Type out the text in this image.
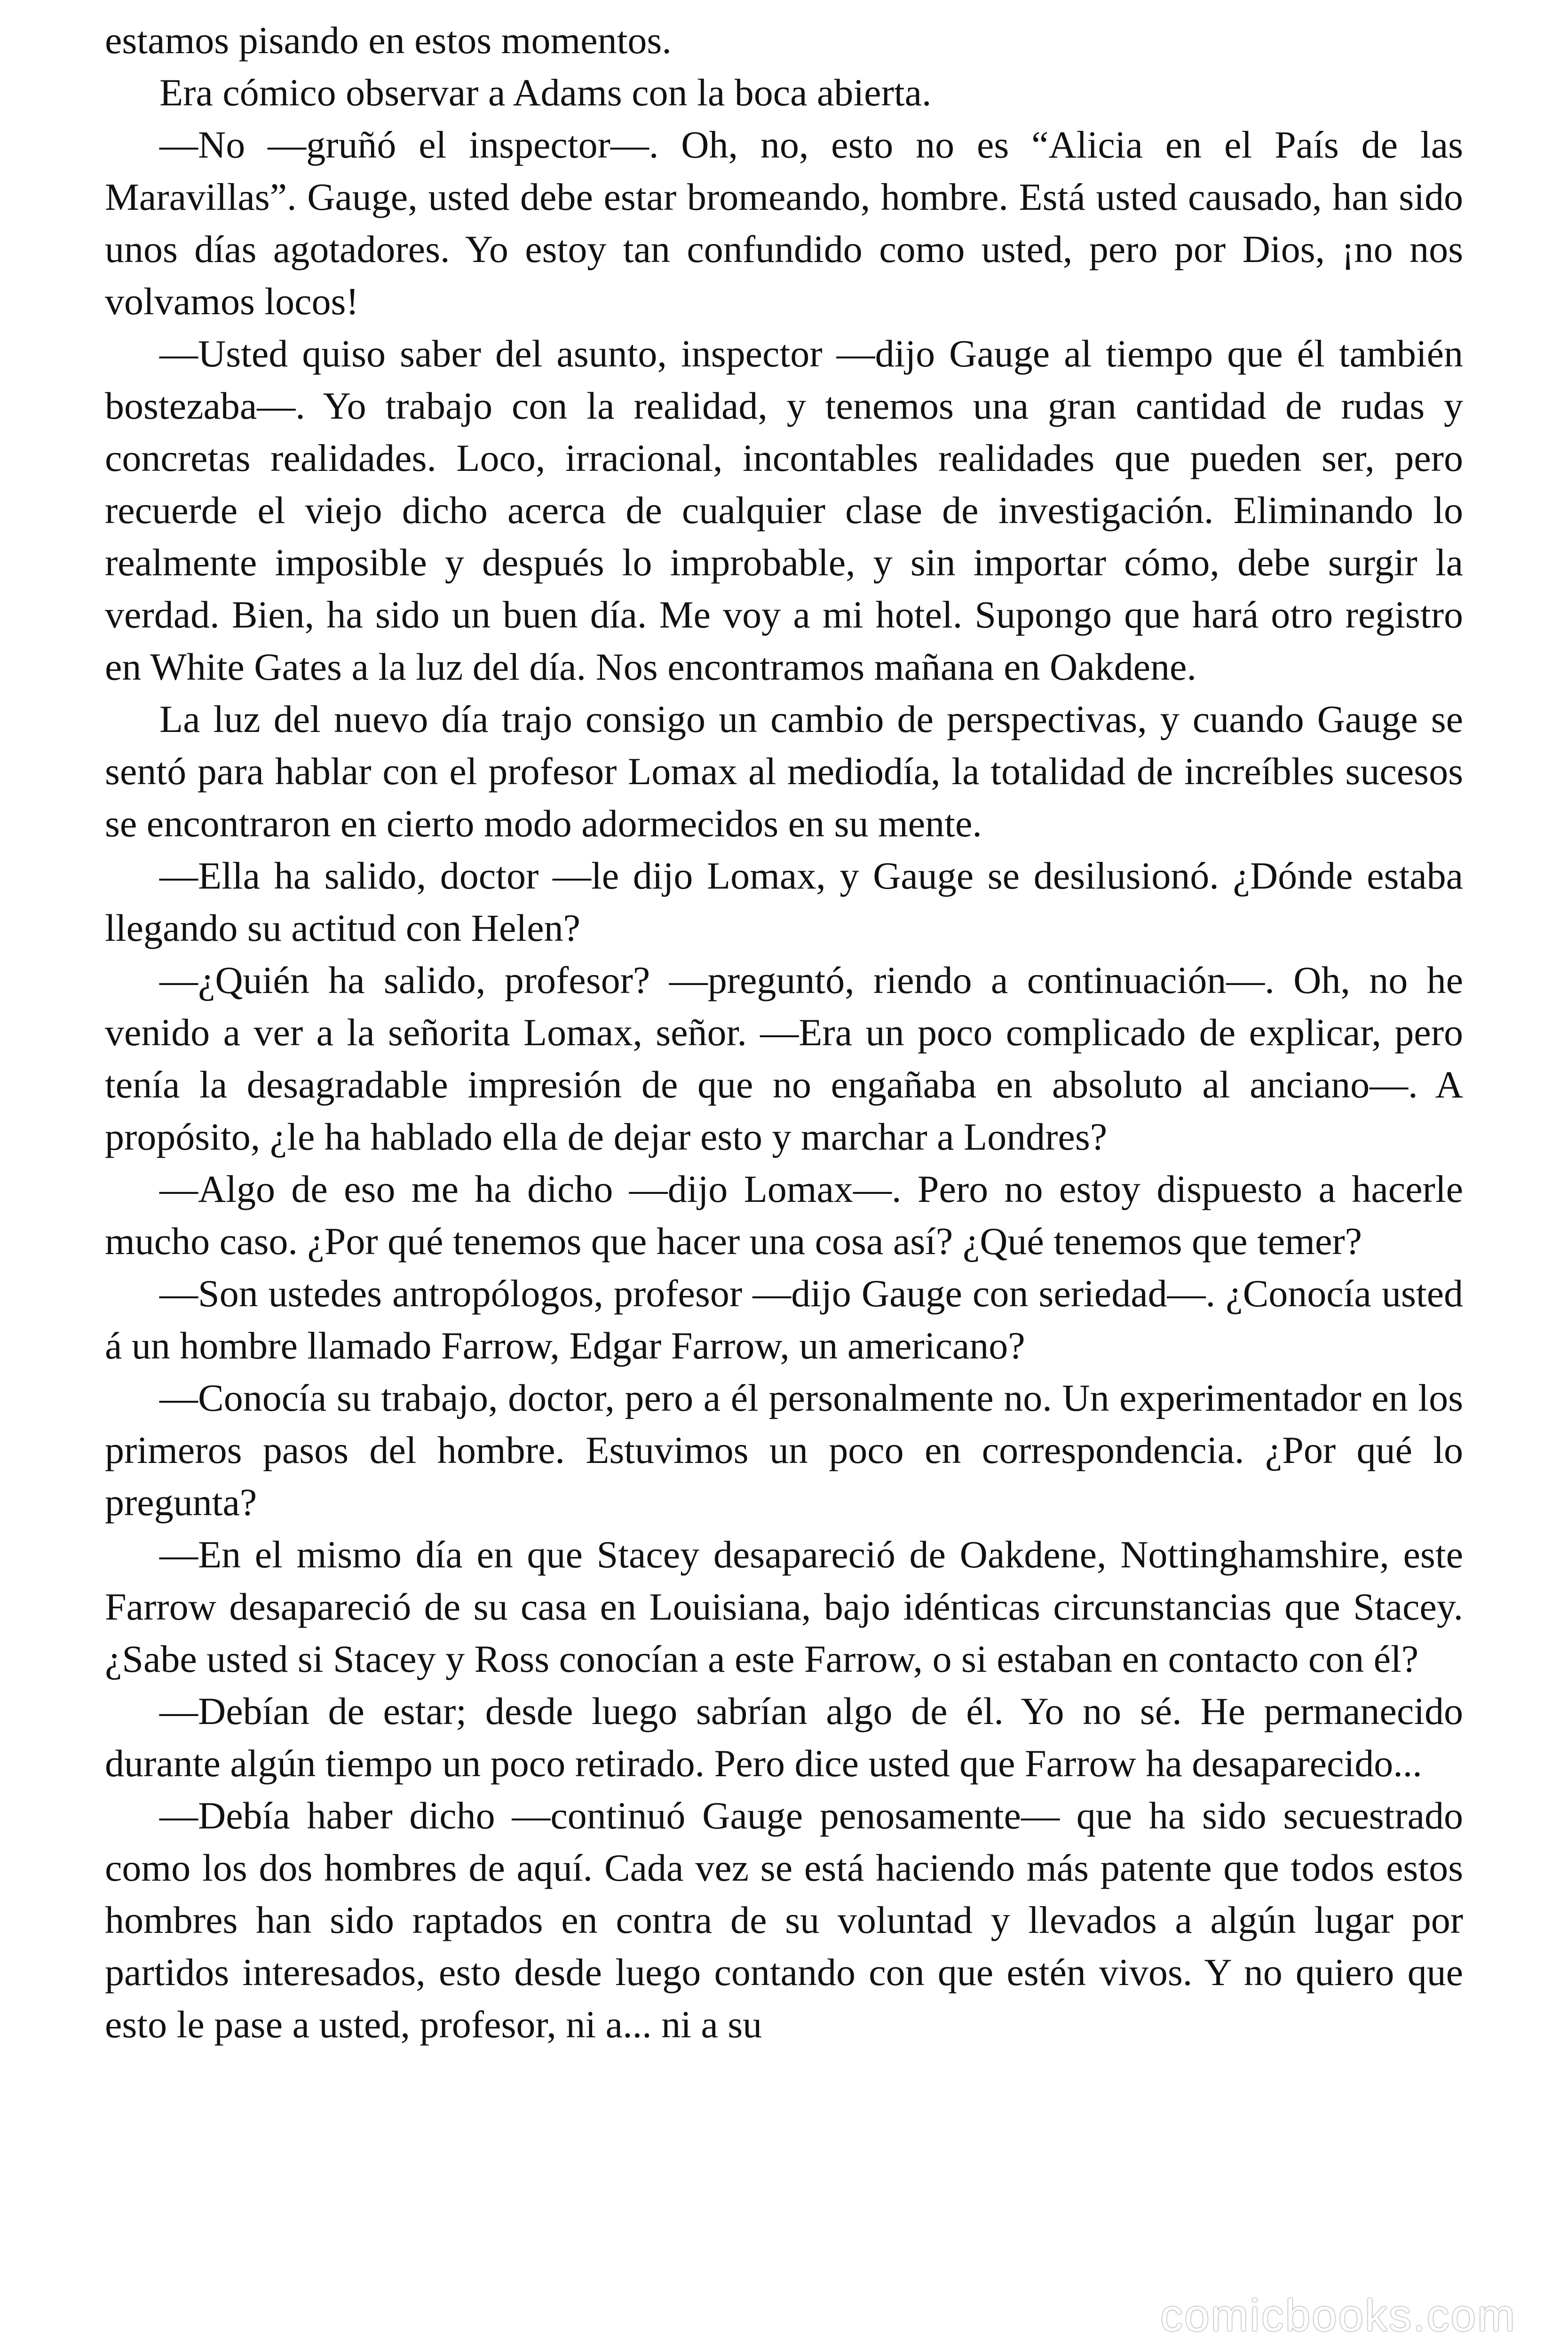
estamos pisando en estos momentos.

Era cómico observar a Adams con la boca abierta.

—No —gruñó el inspector—. Oh, no, esto no es “Alicia en el País de las Maravillas”. Gauge, usted debe estar bromeando, hombre. Está usted causado, han sido unos días agotadores. Yo estoy tan confundido como usted, pero por Dios, ¡no nos volvamos locos!

—Usted quiso saber del asunto, inspector —dijo Gauge al tiempo que él también bostezaba—. Yo trabajo con la realidad, y tenemos una gran cantidad de rudas y concretas realidades. Loco, irracional, incontables realidades que pueden ser, pero recuerde el viejo dicho acerca de cualquier clase de investigación. Eliminando lo realmente imposible y después lo improbable, y sin importar cómo, debe surgir la verdad. Bien, ha sido un buen día. Me voy a mi hotel. Supongo que hará otro registro en White Gates a la luz del día. Nos encontramos mañana en Oakdene.

La luz del nuevo día trajo consigo un cambio de perspectivas, y cuando Gauge se sentó para hablar con el profesor Lomax al mediodía, la totalidad de increíbles sucesos se encontraron en cierto modo adormecidos en su mente.

—Ella ha salido, doctor —le dijo Lomax, y Gauge se desilusionó. ¿Dónde estaba llegando su actitud con Helen?

—¿Quién ha salido, profesor? —preguntó, riendo a continuación—. Oh, no he venido a ver a la señorita Lomax, señor. —Era un poco complicado de explicar, pero tenía la desagradable impresión de que no engañaba en absoluto al anciano—. A propósito, ¿le ha hablado ella de dejar esto y marchar a Londres?

—Algo de eso me ha dicho —dijo Lomax—. Pero no estoy dispuesto a hacerle mucho caso. ¿Por qué tenemos que hacer una cosa así? ¿Qué tenemos que temer?

—Son ustedes antropólogos, profesor —dijo Gauge con seriedad—. ¿Conocía usted á un hombre llamado Farrow, Edgar Farrow, un americano?

—Conocía su trabajo, doctor, pero a él personalmente no. Un experimentador en los primeros pasos del hombre. Estuvimos un poco en correspondencia. ¿Por qué lo pregunta?

—En el mismo día en que Stacey desapareció de Oakdene, Nottinghamshire, este Farrow desapareció de su casa en Louisiana, bajo idénticas circunstancias que Stacey. ¿Sabe usted si Stacey y Ross conocían a este Farrow, o si estaban en contacto con él?

—Debían de estar; desde luego sabrían algo de él. Yo no sé. He permanecido durante algún tiempo un poco retirado. Pero dice usted que Farrow ha desaparecido...

—Debía haber dicho —continuó Gauge penosamente— que ha sido secuestrado como los dos hombres de aquí. Cada vez se está haciendo más patente que todos estos hombres han sido raptados en contra de su voluntad y llevados a algún lugar por partidos interesados, esto desde luego contando con que estén vivos. Y no quiero que esto le pase a usted, profesor, ni a... ni a su

comicbooks.com
